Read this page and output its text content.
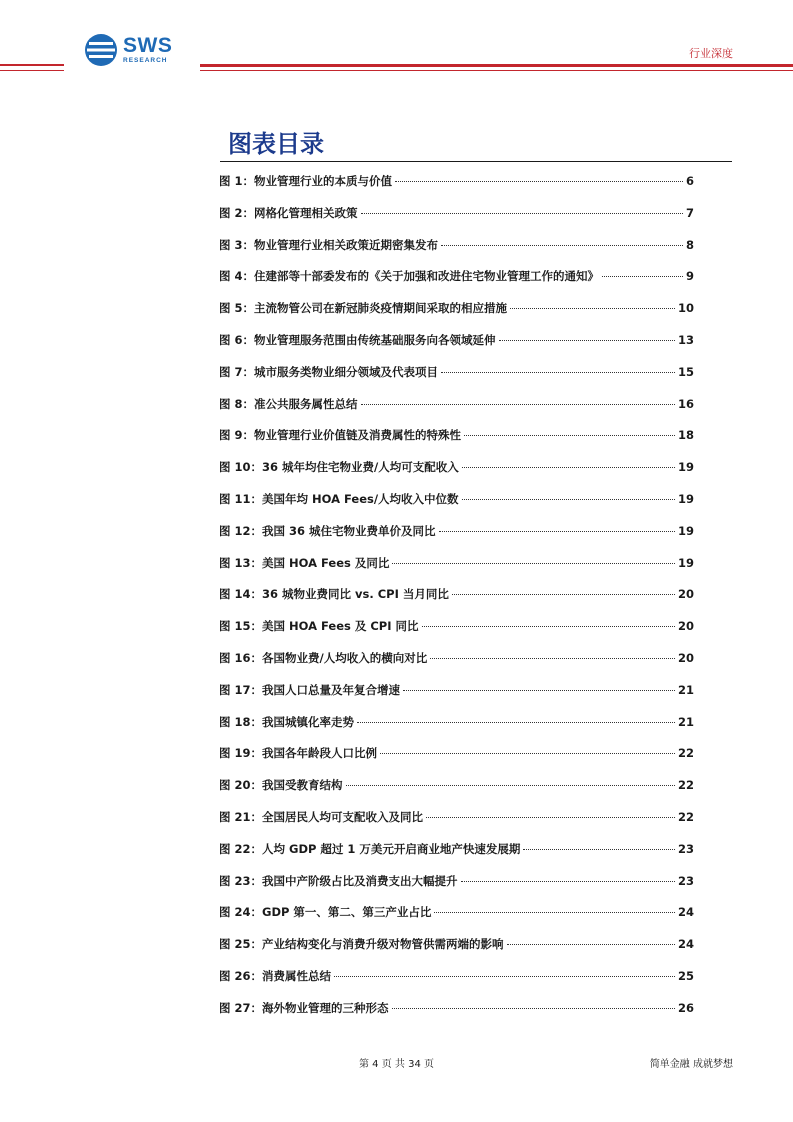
SWS
RESEARCH
行业深度
图表目录
图 1：物业管理行业的本质与价值	6
图 2：网格化管理相关政策	7
图 3：物业管理行业相关政策近期密集发布	8
图 4：住建部等十部委发布的《关于加强和改进住宅物业管理工作的通知》	9
图 5：主流物管公司在新冠肺炎疫情期间采取的相应措施	10
图 6：物业管理服务范围由传统基础服务向各领域延伸	13
图 7：城市服务类物业细分领域及代表项目	15
图 8：准公共服务属性总结	16
图 9：物业管理行业价值链及消费属性的特殊性	18
图 10：36 城年均住宅物业费/人均可支配收入	19
图 11：美国年均 HOA Fees/人均收入中位数	19
图 12：我国 36 城住宅物业费单价及同比	19
图 13：美国 HOA Fees 及同比	19
图 14：36 城物业费同比 vs. CPI 当月同比	20
图 15：美国 HOA Fees 及 CPI 同比	20
图 16：各国物业费/人均收入的横向对比	20
图 17：我国人口总量及年复合增速	21
图 18：我国城镇化率走势	21
图 19：我国各年龄段人口比例	22
图 20：我国受教育结构	22
图 21：全国居民人均可支配收入及同比	22
图 22：人均 GDP 超过 1 万美元开启商业地产快速发展期	23
图 23：我国中产阶级占比及消费支出大幅提升	23
图 24：GDP 第一、第二、第三产业占比	24
图 25：产业结构变化与消费升级对物管供需两端的影响	24
图 26：消费属性总结	25
图 27：海外物业管理的三种形态	26
第 4 页 共 34 页	简单金融 成就梦想
